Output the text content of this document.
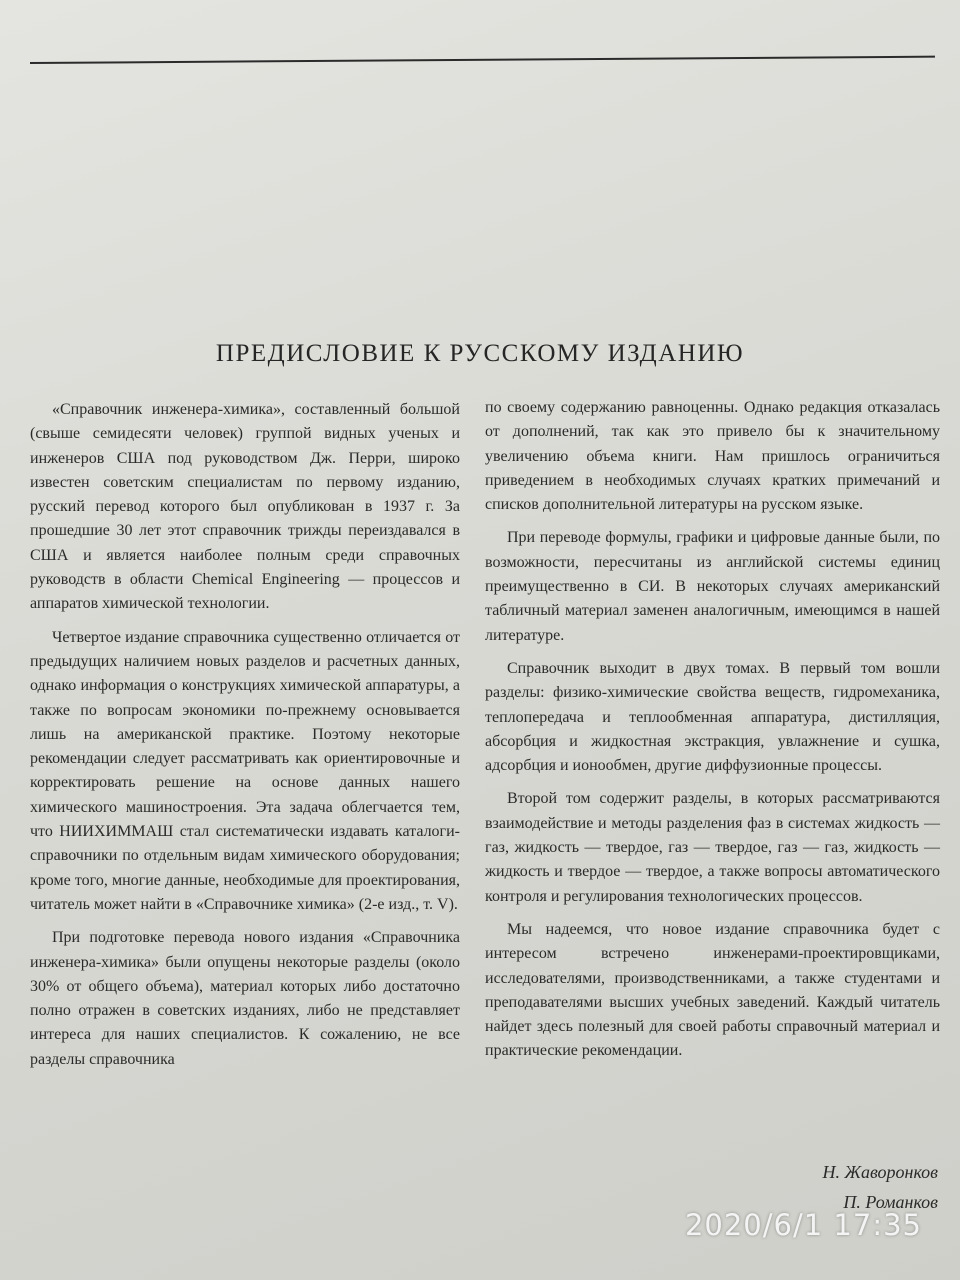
ПРЕДИСЛОВИЕ К РУССКОМУ ИЗДАНИЮ

«Справочник инженера-химика», составленный большой (свыше семидесяти человек) группой видных ученых и инженеров США под руководством Дж. Перри, широко известен советским специалистам по первому изданию, русский перевод которого был опубликован в 1937 г. За прошедшие 30 лет этот справочник трижды переиздавался в США и является наиболее полным среди справочных руководств в области Chemical Engineering — процессов и аппаратов химической технологии.

Четвертое издание справочника существенно отличается от предыдущих наличием новых разделов и расчетных данных, однако информация о конструкциях химической аппаратуры, а также по вопросам экономики по-прежнему основывается лишь на американской практике. Поэтому некоторые рекомендации следует рассматривать как ориентировочные и корректировать решение на основе данных нашего химического машиностроения. Эта задача облегчается тем, что НИИХИММАШ стал систематически издавать каталоги-справочники по отдельным видам химического оборудования; кроме того, многие данные, необходимые для проектирования, читатель может найти в «Справочнике химика» (2-е изд., т. V).

При подготовке перевода нового издания «Справочника инженера-химика» были опущены некоторые разделы (около 30% от общего объема), материал которых либо достаточно полно отражен в советских изданиях, либо не представляет интереса для наших специалистов. К сожалению, не все разделы справочника

по своему содержанию равноценны. Однако редакция отказалась от дополнений, так как это привело бы к значительному увеличению объема книги. Нам пришлось ограничиться приведением в необходимых случаях кратких примечаний и списков дополнительной литературы на русском языке.

При переводе формулы, графики и цифровые данные были, по возможности, пересчитаны из английской системы единиц преимущественно в СИ. В некоторых случаях американский табличный материал заменен аналогичным, имеющимся в нашей литературе.

Справочник выходит в двух томах. В первый том вошли разделы: физико-химические свойства веществ, гидромеханика, теплопередача и теплообменная аппаратура, дистилляция, абсорбция и жидкостная экстракция, увлажнение и сушка, адсорбция и ионообмен, другие диффузионные процессы.

Второй том содержит разделы, в которых рассматриваются взаимодействие и методы разделения фаз в системах жидкость — газ, жидкость — твердое, газ — твердое, газ — газ, жидкость — жидкость и твердое — твердое, а также вопросы автоматического контроля и регулирования технологических процессов.

Мы надеемся, что новое издание справочника будет с интересом встречено инженерами-проектировщиками, исследователями, производственниками, а также студентами и преподавателями высших учебных заведений. Каждый читатель найдет здесь полезный для своей работы справочный материал и практические рекомендации.

Н. Жаворонков
П. Романков
2020/6/1 17:35
